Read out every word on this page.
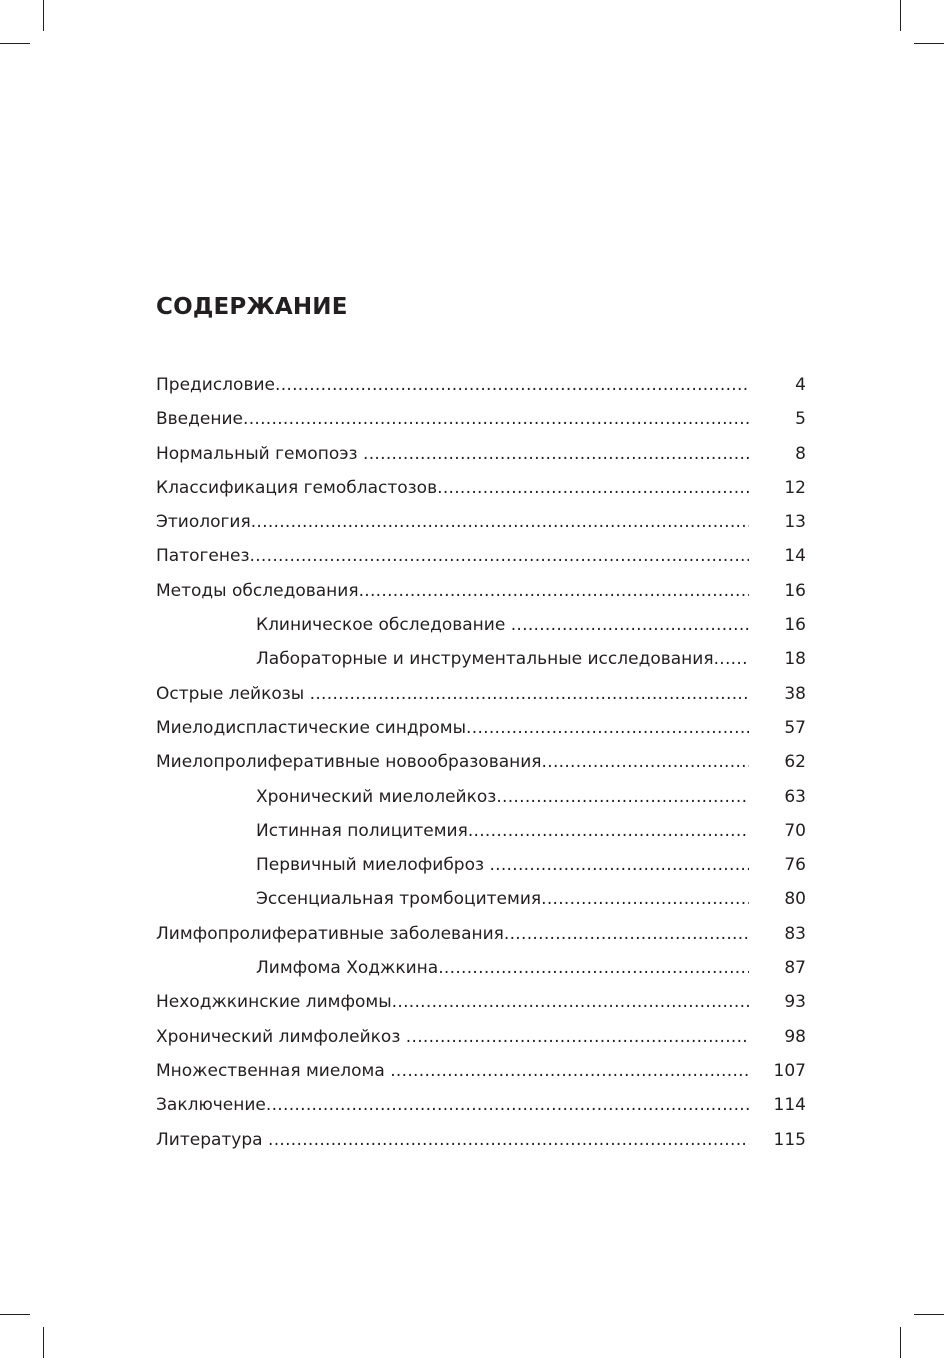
СОДЕРЖАНИЕ
Предисловие .....	4
Введение .....	5
Нормальный гемопоэз .....	8
Классификация гемобластозов .....	12
Этиология .....	13
Патогенез .....	14
Методы обследования .....	16
Клиническое обследование .....	16
Лабораторные и инструментальные исследования .....	18
Острые лейкозы .....	38
Миелодиспластические синдромы .....	57
Миелопролиферативные новообразования .....	62
Хронический миелолейкоз .....	63
Истинная полицитемия .....	70
Первичный миелофиброз .....	76
Эссенциальная тромбоцитемия .....	80
Лимфопролиферативные заболевания .....	83
Лимфома Ходжкина .....	87
Неходжкинские лимфомы .....	93
Хронический лимфолейкоз .....	98
Множественная миелома .....	107
Заключение .....	114
Литература .....	115
